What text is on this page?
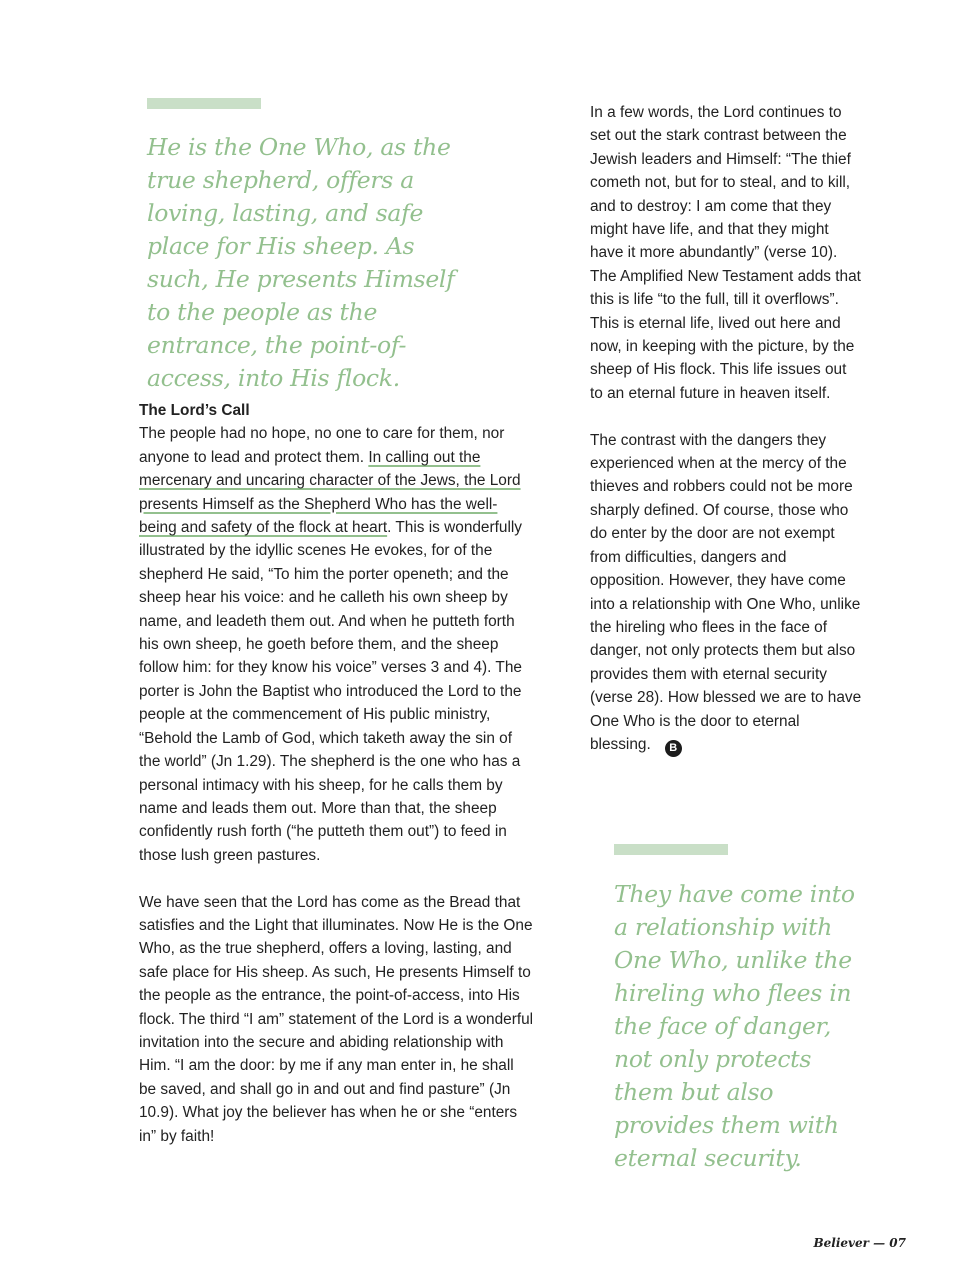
He is the One Who, as the true shepherd, offers a loving, lasting, and safe place for His sheep. As such, He presents Himself to the people as the entrance, the point-of-access, into His flock.

The Lord’s Call

The people had no hope, no one to care for them, nor anyone to lead and protect them. In calling out the mercenary and uncaring character of the Jews, the Lord presents Himself as the Shepherd Who has the well-being and safety of the flock at heart. This is wonderfully illustrated by the idyllic scenes He evokes, for of the shepherd He said, “To him the porter openeth; and the sheep hear his voice: and he calleth his own sheep by name, and leadeth them out. And when he putteth forth his own sheep, he goeth before them, and the sheep follow him: for they know his voice” verses 3 and 4). The porter is John the Baptist who introduced the Lord to the people at the commencement of His public ministry, “Behold the Lamb of God, which taketh away the sin of the world” (Jn 1.29). The shepherd is the one who has a personal intimacy with his sheep, for he calls them by name and leads them out. More than that, the sheep confidently rush forth (“he putteth them out”) to feed in those lush green pastures.

We have seen that the Lord has come as the Bread that satisfies and the Light that illuminates. Now He is the One Who, as the true shepherd, offers a loving, lasting, and safe place for His sheep. As such, He presents Himself to the people as the entrance, the point-of-access, into His flock. The third “I am” statement of the Lord is a wonderful invitation into the secure and abiding relationship with Him. “I am the door: by me if any man enter in, he shall be saved, and shall go in and out and find pasture” (Jn 10.9). What joy the believer has when he or she “enters in” by faith!

In a few words, the Lord continues to set out the stark contrast between the Jewish leaders and Himself: “The thief cometh not, but for to steal, and to kill, and to destroy: I am come that they might have life, and that they might have it more abundantly” (verse 10). The Amplified New Testament adds that this is life “to the full, till it overflows”. This is eternal life, lived out here and now, in keeping with the picture, by the sheep of His flock. This life issues out to an eternal future in heaven itself.

The contrast with the dangers they experienced when at the mercy of the thieves and robbers could not be more sharply defined. Of course, those who do enter by the door are not exempt from difficulties, dangers and opposition. However, they have come into a relationship with One Who, unlike the hireling who flees in the face of danger, not only protects them but also provides them with eternal security (verse 28). How blessed we are to have One Who is the door to eternal blessing. B

They have come into a relationship with One Who, unlike the hireling who flees in the face of danger, not only protects them but also provides them with eternal security.

Believer — 07
